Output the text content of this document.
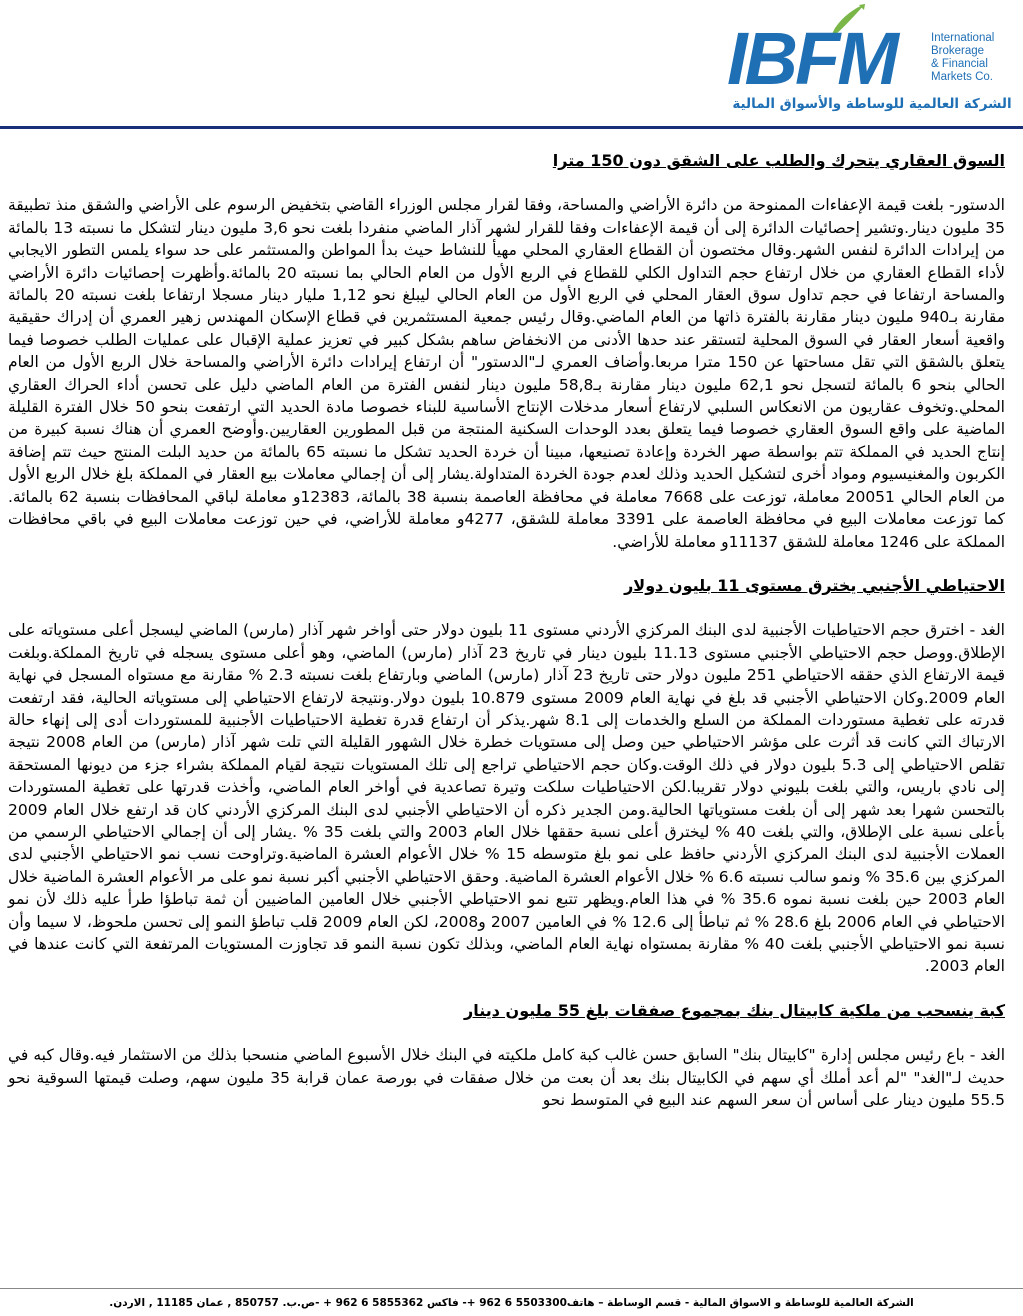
IBFM	International
Brokerage
& Financial
Markets Co.
الشركة العالمية للوساطة والأسواق المالية
السوق العقاري يتحرك والطلب على الشقق دون 150 مترا

الدستور- بلغت قيمة الإعفاءات الممنوحة من دائرة الأراضي والمساحة، وفقا لقرار مجلس الوزراء القاضي بتخفيض الرسوم على الأراضي والشقق منذ تطبيقة 35 مليون دينار.وتشير إحصائيات الدائرة إلى أن قيمة الإعفاءات وفقا للقرار لشهر آذار الماضي منفردا بلغت نحو 3,6 مليون دينار لتشكل ما نسبته 13 بالمائة من إيرادات الدائرة لنفس الشهر.وقال مختصون أن القطاع العقاري المحلي مهيأ للنشاط حيث بدأ المواطن والمستثمر على حد سواء يلمس التطور الايجابي لأداء القطاع العقاري من خلال ارتفاع حجم التداول الكلي للقطاع في الربع الأول من العام الحالي بما نسبته 20 بالمائة.وأظهرت إحصائيات دائرة الأراضي والمساحة ارتفاعا في حجم تداول سوق العقار المحلي في الربع الأول من العام الحالي ليبلغ نحو 1,12 مليار دينار مسجلا ارتفاعا بلغت نسبته 20 بالمائة مقارنة بـ940 مليون دينار مقارنة بالفترة ذاتها من العام الماضي.وقال رئيس جمعية المستثمرين في قطاع الإسكان المهندس زهير العمري أن إدراك حقيقية واقعية أسعار العقار في السوق المحلية لتستقر عند حدها الأدنى من الانخفاض ساهم بشكل كبير في تعزيز عملية الإقبال على عمليات الطلب خصوصا فيما يتعلق بالشقق التي تقل مساحتها عن 150 مترا مربعا.وأضاف العمري لـ"الدستور" أن ارتفاع إيرادات دائرة الأراضي والمساحة خلال الربع الأول من العام الحالي بنحو 6 بالمائة لتسجل نحو 62,1 مليون دينار مقارنة بـ58,8 مليون دينار لنفس الفترة من العام الماضي دليل على تحسن أداء الحراك العقاري المحلي.وتخوف عقاريون من الانعكاس السلبي لارتفاع أسعار مدخلات الإنتاج الأساسية للبناء خصوصا مادة الحديد التي ارتفعت بنحو 50 خلال الفترة القليلة الماضية على واقع السوق العقاري خصوصا فيما يتعلق بعدد الوحدات السكنية المنتجة من قبل المطورين العقاريين.وأوضح العمري أن هناك نسبة كبيرة من إنتاج الحديد في المملكة تتم بواسطة صهر الخردة وإعادة تصنيعها، مبينا أن خردة الحديد تشكل ما نسبته 65 بالمائة من حديد البلت المنتج حيث تتم إضافة الكربون والمغنيسيوم ومواد أخرى لتشكيل الحديد وذلك لعدم جودة الخردة المتداولة.يشار إلى أن إجمالي معاملات بيع العقار في المملكة بلغ خلال الربع الأول من العام الحالي 20051 معاملة، توزعت على 7668 معاملة في محافظة العاصمة بنسبة 38 بالمائة، 12383و معاملة لباقي المحافظات بنسبة 62 بالمائة. كما توزعت معاملات البيع في محافظة العاصمة على 3391 معاملة للشقق، 4277و معاملة للأراضي، في حين توزعت معاملات البيع في باقي محافظات المملكة على 1246 معاملة للشقق 11137و معاملة للأراضي.

الاحتياطي الأجنبي يخترق مستوى 11 بليون دولار

الغد - اخترق حجم الاحتياطيات الأجنبية لدى البنك المركزي الأردني مستوى 11 بليون دولار حتى أواخر شهر آذار (مارس) الماضي ليسجل أعلى مستوياته على الإطلاق.ووصل حجم الاحتياطي الأجنبي مستوى 11.13 بليون دينار في تاريخ 23 آذار (مارس) الماضي، وهو أعلى مستوى يسجله في تاريخ المملكة.وبلغت قيمة الارتفاع الذي حققه الاحتياطي 251 مليون دولار حتى تاريخ 23 آذار (مارس) الماضي وبارتفاع بلغت نسبته 2.3 % مقارنة مع مستواه المسجل في نهاية العام 2009.وكان الاحتياطي الأجنبي قد بلغ في نهاية العام 2009 مستوى 10.879 بليون دولار.ونتيجة لارتفاع الاحتياطي إلى مستوياته الحالية، فقد ارتفعت قدرته على تغطية مستوردات المملكة من السلع والخدمات إلى 8.1 شهر.يذكر أن ارتفاع قدرة تغطية الاحتياطيات الأجنبية للمستوردات أدى إلى إنهاء حالة الارتباك التي كانت قد أثرت على مؤشر الاحتياطي حين وصل إلى مستويات خطرة خلال الشهور القليلة التي تلت شهر آذار (مارس) من العام 2008 نتيجة تقلص الاحتياطي إلى 5.3 بليون دولار في ذلك الوقت.وكان حجم الاحتياطي تراجع إلى تلك المستويات نتيجة لقيام المملكة بشراء جزء من ديونها المستحقة إلى نادي باريس، والتي بلغت بليوني دولار تقريبا.لكن الاحتياطيات سلكت وتيرة تصاعدية في أواخر العام الماضي، وأخذت قدرتها على تغطية المستوردات بالتحسن شهرا بعد شهر إلى أن بلغت مستوياتها الحالية.ومن الجدير ذكره أن الاحتياطي الأجنبي لدى البنك المركزي الأردني كان قد ارتفع خلال العام 2009 بأعلى نسبة على الإطلاق، والتي بلغت 40 % ليخترق أعلى نسبة حققها خلال العام 2003 والتي بلغت 35 % .يشار إلى أن إجمالي الاحتياطي الرسمي من العملات الأجنبية لدى البنك المركزي الأردني حافظ على نمو بلغ متوسطه 15 % خلال الأعوام العشرة الماضية.وتراوحت نسب نمو الاحتياطي الأجنبي لدى المركزي بين 35.6 % ونمو سالب نسبته 6.6 % خلال الأعوام العشرة الماضية. وحقق الاحتياطي الأجنبي أكبر نسبة نمو على مر الأعوام العشرة الماضية خلال العام 2003 حين بلغت نسبة نموه 35.6 % في هذا العام.ويظهر تتبع نمو الاحتياطي الأجنبي خلال العامين الماضيين أن ثمة تباطؤا طرأ عليه ذلك لأن نمو الاحتياطي في العام 2006 بلغ 28.6 % ثم تباطأ إلى 12.6 % في العامين 2007 و2008، لكن العام 2009 قلب تباطؤ النمو إلى تحسن ملحوظ، لا سيما وأن نسبة نمو الاحتياطي الأجنبي بلغت 40 % مقارنة بمستواه نهاية العام الماضي، وبذلك تكون نسبة النمو قد تجاوزت المستويات المرتفعة التي كانت عندها في العام 2003.

كبة ينسحب من ملكية كابيتال بنك بمجموع صفقات بلغ 55 مليون دينار

الغد - باع رئيس مجلس إدارة "كابيتال بنك" السابق حسن غالب كبة كامل ملكيته في البنك خلال الأسبوع الماضي منسحبا بذلك من الاستثمار فيه.وقال كبه في حديث لـ"الغد" "لم أعد أملك أي سهم في الكابيتال بنك بعد أن بعت من خلال صفقات في بورصة عمان قرابة 35 مليون سهم، وصلت قيمتها السوقية نحو 55.5 مليون دينار على أساس أن سعر السهم عند البيع في المتوسط نحو

الشركة العالمية للوساطة و الاسواق المالية - قسم الوساطة – هاتف5503300 6 962 +- فاكس 5855362 6 962 + -ص.ب. 850757 , عمان 11185 , الاردن.
